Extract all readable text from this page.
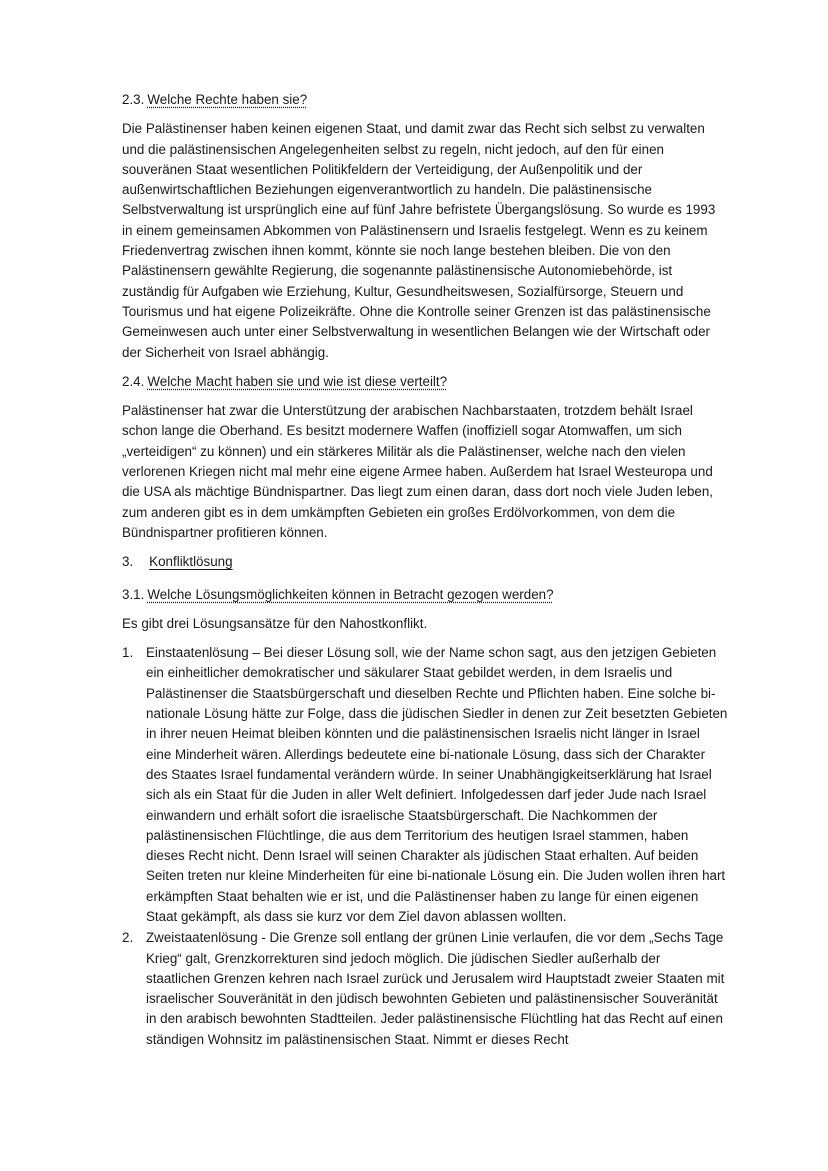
2.3. Welche Rechte haben sie?

Die Palästinenser haben keinen eigenen Staat, und damit zwar das Recht sich selbst zu verwalten und die palästinensischen Angelegenheiten selbst zu regeln, nicht jedoch, auf den für einen souveränen Staat wesentlichen Politikfeldern der Verteidigung, der Außenpolitik und der außenwirtschaftlichen Beziehungen eigenverantwortlich zu handeln. Die palästinensische Selbstverwaltung ist ursprünglich eine auf fünf Jahre befristete Übergangslösung. So wurde es 1993 in einem gemeinsamen Abkommen von Palästinensern und Israelis festgelegt. Wenn es zu keinem Friedenvertrag zwischen ihnen kommt, könnte sie noch lange bestehen bleiben. Die von den Palästinensern gewählte Regierung, die sogenannte palästinensische Autonomiebehörde, ist zuständig für Aufgaben wie Erziehung, Kultur, Gesundheitswesen, Sozialfürsorge, Steuern und Tourismus und hat eigene Polizeikräfte. Ohne die Kontrolle seiner Grenzen ist das palästinensische Gemeinwesen auch unter einer Selbstverwaltung in wesentlichen Belangen wie der Wirtschaft oder der Sicherheit von Israel abhängig.

2.4. Welche Macht haben sie und wie ist diese verteilt?

Palästinenser hat zwar die Unterstützung der arabischen Nachbarstaaten, trotzdem behält Israel schon lange die Oberhand. Es besitzt modernere Waffen (inoffiziell sogar Atomwaffen, um sich „verteidigen“ zu können) und ein stärkeres Militär als die Palästinenser, welche nach den vielen verlorenen Kriegen nicht mal mehr eine eigene Armee haben. Außerdem hat Israel Westeuropa und die USA als mächtige Bündnispartner. Das liegt zum einen daran, dass dort noch viele Juden leben, zum anderen gibt es in dem umkämpften Gebieten ein großes Erdölvorkommen, von dem die Bündnispartner profitieren können.

3. Konfliktlösung
3.1. Welche Lösungsmöglichkeiten können in Betracht gezogen werden?

Es gibt drei Lösungsansätze für den Nahostkonflikt.

1. Einstaatenlösung – Bei dieser Lösung soll, wie der Name schon sagt, aus den jetzigen Gebieten ein einheitlicher demokratischer und säkularer Staat gebildet werden, in dem Israelis und Palästinenser die Staatsbürgerschaft und dieselben Rechte und Pflichten haben. Eine solche bi-nationale Lösung hätte zur Folge, dass die jüdischen Siedler in denen zur Zeit besetzten Gebieten in ihrer neuen Heimat bleiben könnten und die palästinensischen Israelis nicht länger in Israel eine Minderheit wären. Allerdings bedeutete eine bi-nationale Lösung, dass sich der Charakter des Staates Israel fundamental verändern würde. In seiner Unabhängigkeitserklärung hat Israel sich als ein Staat für die Juden in aller Welt definiert. Infolgedessen darf jeder Jude nach Israel einwandern und erhält sofort die israelische Staatsbürgerschaft. Die Nachkommen der palästinensischen Flüchtlinge, die aus dem Territorium des heutigen Israel stammen, haben dieses Recht nicht. Denn Israel will seinen Charakter als jüdischen Staat erhalten. Auf beiden Seiten treten nur kleine Minderheiten für eine bi-nationale Lösung ein. Die Juden wollen ihren hart erkämpften Staat behalten wie er ist, und die Palästinenser haben zu lange für einen eigenen Staat gekämpft, als dass sie kurz vor dem Ziel davon ablassen wollten.
2. Zweistaatenlösung - Die Grenze soll entlang der grünen Linie verlaufen, die vor dem „Sechs Tage Krieg“ galt, Grenzkorrekturen sind jedoch möglich. Die jüdischen Siedler außerhalb der staatlichen Grenzen kehren nach Israel zurück und Jerusalem wird Hauptstadt zweier Staaten mit israelischer Souveränität in den jüdisch bewohnten Gebieten und palästinensischer Souveränität in den arabisch bewohnten Stadtteilen. Jeder palästinensische Flüchtling hat das Recht auf einen ständigen Wohnsitz im palästinensischen Staat. Nimmt er dieses Recht
